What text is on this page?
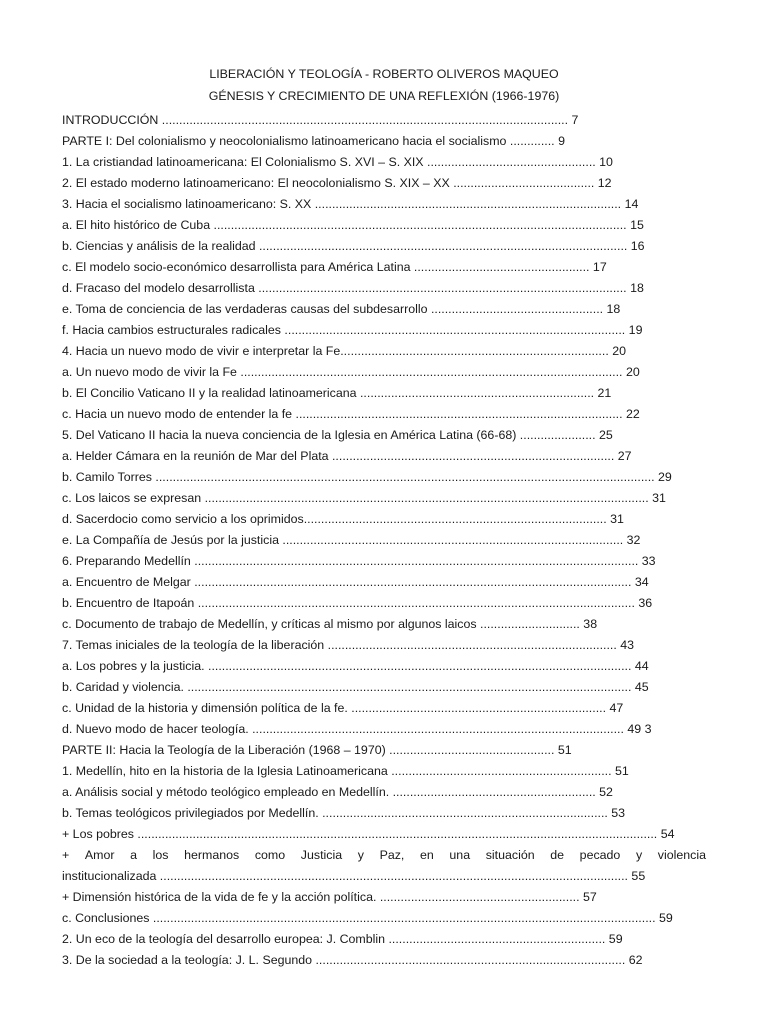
LIBERACIÓN Y TEOLOGÍA - ROBERTO OLIVEROS MAQUEO
GÉNESIS Y CRECIMIENTO DE UNA REFLEXIÓN (1966-1976)
INTRODUCCIÓN ...................................................................................................................... 7
PARTE I: Del colonialismo y neocolonialismo latinoamericano hacia el socialismo ............. 9
1. La cristiandad latinoamericana: El Colonialismo S. XVI – S. XIX ................................................. 10
2. El estado moderno latinoamericano: El neocolonialismo S. XIX – XX ......................................... 12
3. Hacia el socialismo latinoamericano: S. XX ......................................................................................... 14
a. El hito histórico de Cuba ........................................................................................................................ 15
b. Ciencias y análisis de la realidad ........................................................................................................... 16
c. El modelo socio-económico desarrollista para América Latina ................................................... 17
d. Fracaso del modelo desarrollista ........................................................................................................... 18
e. Toma de conciencia de las verdaderas causas del subdesarrollo .................................................. 18
f. Hacia cambios estructurales radicales ................................................................................................... 19
4. Hacia un nuevo modo de vivir e interpretar la Fe.............................................................................. 20
a. Un nuevo modo de vivir la Fe ............................................................................................................... 20
b. El Concilio Vaticano II y la realidad latinoamericana .................................................................... 21
c. Hacia un nuevo modo de entender la fe ............................................................................................... 22
5. Del Vaticano II hacia la nueva conciencia de la Iglesia en América Latina (66-68) ...................... 25
a. Helder Cámara en la reunión de Mar del Plata .................................................................................. 27
b. Camilo Torres ................................................................................................................................................. 29
c. Los laicos se expresan ................................................................................................................................. 31
d. Sacerdocio como servicio a los oprimidos........................................................................................ 31
e. La Compañía de Jesús por la justicia ................................................................................................... 32
6. Preparando Medellín ................................................................................................................................. 33
a. Encuentro de Melgar ............................................................................................................................... 34
b. Encuentro de Itapoán ............................................................................................................................... 36
c. Documento de trabajo de Medellín, y críticas al mismo por algunos laicos ............................. 38
7. Temas iniciales de la teología de la liberación .................................................................................... 43
a. Los pobres y la justicia. ........................................................................................................................... 44
b. Caridad y violencia. ................................................................................................................................. 45
c. Unidad de la historia y dimensión política de la fe. .......................................................................... 47
d. Nuevo modo de hacer teología. ............................................................................................................ 49 3
PARTE II: Hacia la Teología de la Liberación (1968 – 1970) ................................................ 51
1. Medellín, hito en la historia de la Iglesia Latinoamericana ................................................................ 51
a. Análisis social y método teológico empleado en Medellín. ........................................................... 52
b. Temas teológicos privilegiados por Medellín. ................................................................................... 53
+ Los pobres ....................................................................................................................................................... 54
+ Amor a los hermanos como Justicia y Paz, en una situación de pecado y violencia
institucionalizada ........................................................................................................................................ 55
+ Dimensión histórica de la vida de fe y la acción política. .......................................................... 57
c. Conclusiones .................................................................................................................................................. 59
2. Un eco de la teología del desarrollo europea: J. Comblin ............................................................... 59
3. De la sociedad a la teología: J. L. Segundo .......................................................................................... 62
